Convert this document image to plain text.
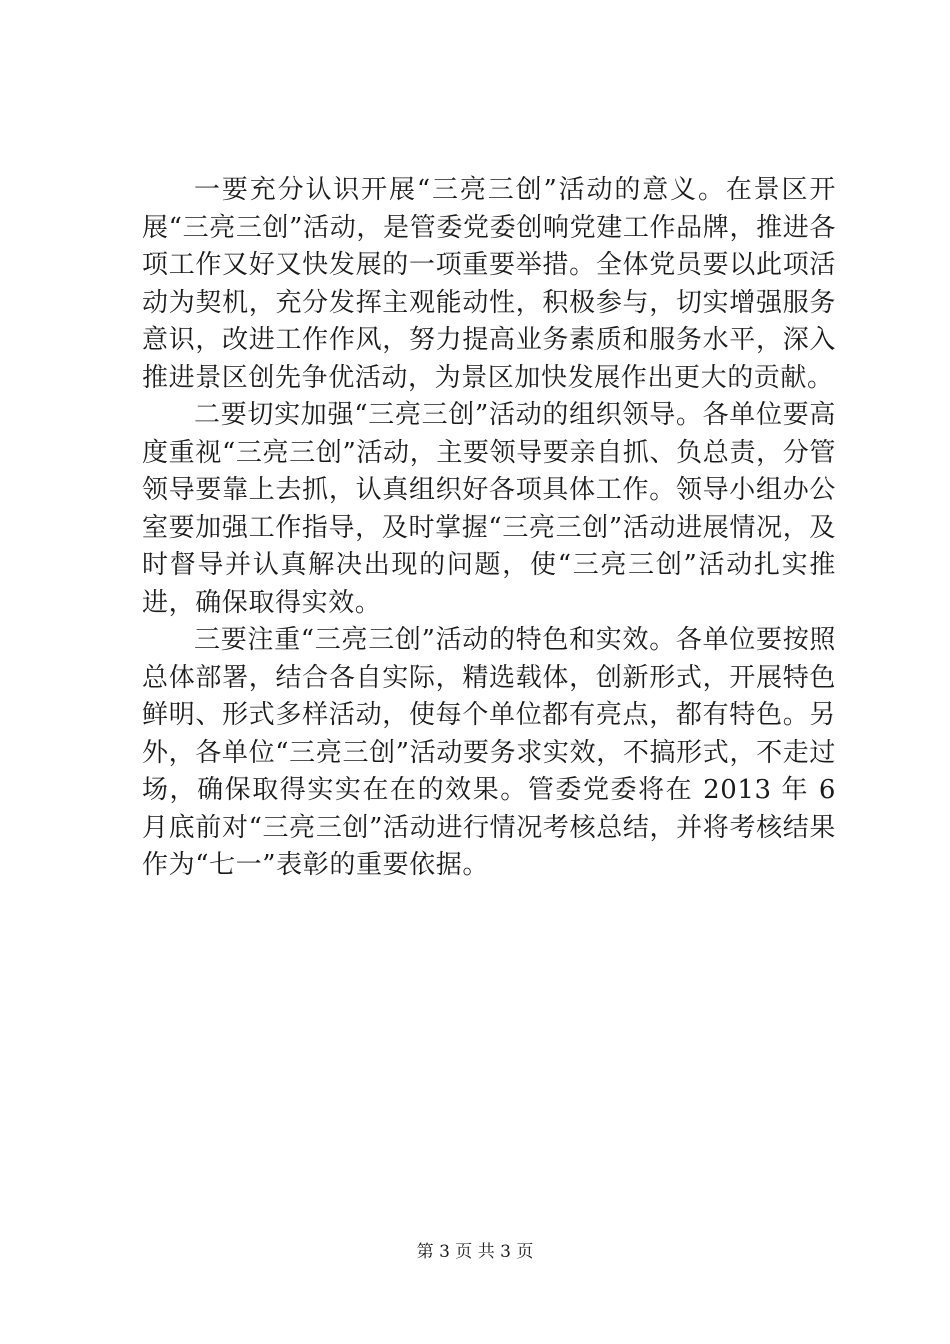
一要充分认识开展“三亮三创”活动的意义。在景区开展“三亮三创”活动，是管委党委创响党建工作品牌，推进各项工作又好又快发展的一项重要举措。全体党员要以此项活动为契机，充分发挥主观能动性，积极参与，切实增强服务意识，改进工作作风，努力提高业务素质和服务水平，深入推进景区创先争优活动，为景区加快发展作出更大的贡献。

二要切实加强“三亮三创”活动的组织领导。各单位要高度重视“三亮三创”活动，主要领导要亲自抓、负总责，分管领导要靠上去抓，认真组织好各项具体工作。领导小组办公室要加强工作指导，及时掌握“三亮三创”活动进展情况，及时督导并认真解决出现的问题，使“三亮三创”活动扎实推进，确保取得实效。

三要注重“三亮三创”活动的特色和实效。各单位要按照总体部署，结合各自实际，精选载体，创新形式，开展特色鲜明、形式多样活动，使每个单位都有亮点，都有特色。另外，各单位“三亮三创”活动要务求实效，不搞形式，不走过场，确保取得实实在在的效果。管委党委将在 2013 年 6 月底前对“三亮三创”活动进行情况考核总结，并将考核结果作为“七一”表彰的重要依据。

第 3 页 共 3 页
